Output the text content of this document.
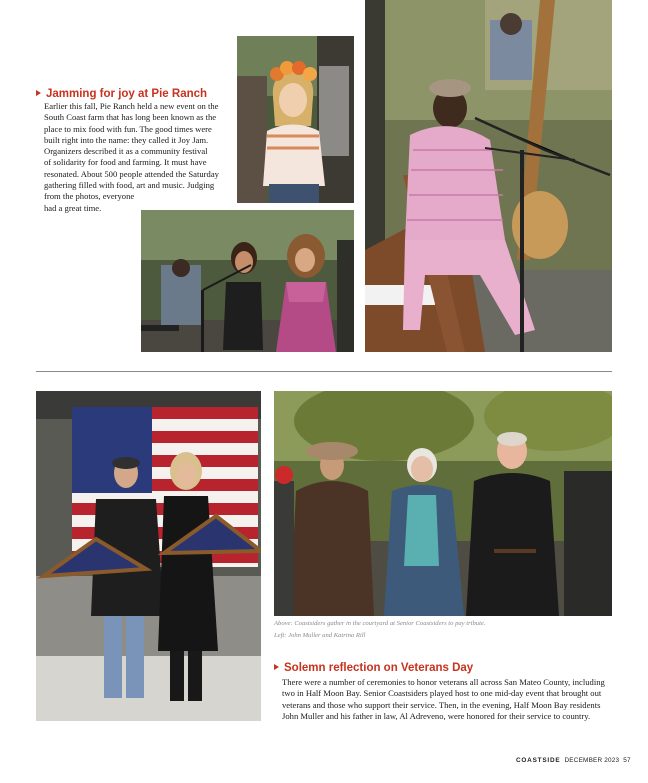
Jamming for joy at Pie Ranch
Earlier this fall, Pie Ranch held a new event on the
South Coast farm that has long been known as the
place to mix food with fun. The good times were
built right into the name: they called it Joy Jam.
Organizers described it as a community festival
of solidarity for food and farming. It must have
resonated. About 500 people attended the Saturday
gathering filled with food, art and music. Judging
from the photos, everyone
had a great time.
Above: Coastsiders gather in the courtyard at Senior Coastsiders to pay tribute.
Left: John Muller and Katrina Rill
Solemn reflection on Veterans Day
There were a number of ceremonies to honor veterans all across San Mateo County, including
two in Half Moon Bay. Senior Coastsiders played host to one mid-day event that brought out
veterans and those who support their service. Then, in the evening, Half Moon Bay residents
John Muller and his father in law, Al Adreveno, were honored for their service to country.
COASTSIDE DECEMBER 2023 57
